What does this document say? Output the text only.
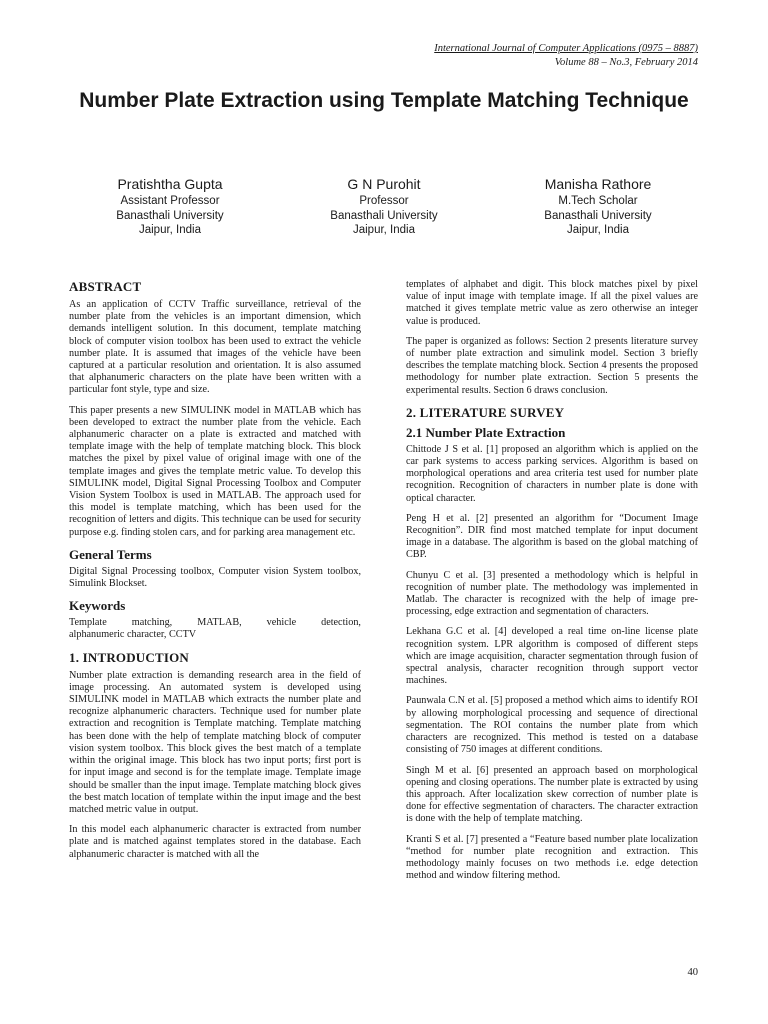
International Journal of Computer Applications (0975 – 8887)
Volume 88 – No.3, February 2014
Number Plate Extraction using Template Matching Technique
Pratishtha Gupta
Assistant Professor
Banasthali University
Jaipur, India
G N Purohit
Professor
Banasthali University
Jaipur, India
Manisha Rathore
M.Tech Scholar
Banasthali University
Jaipur, India
ABSTRACT

As an application of CCTV Traffic surveillance, retrieval of the number plate from the vehicles is an important dimension, which demands intelligent solution. In this document, template matching block of computer vision toolbox has been used to extract the vehicle number plate. It is assumed that images of the vehicle have been captured at a particular resolution and orientation. It is also assumed that alphanumeric characters on the plate have been written with a particular font style, type and size.

This paper presents a new SIMULINK model in MATLAB which has been developed to extract the number plate from the vehicle. Each alphanumeric character on a plate is extracted and matched with template image with the help of template matching block. This block matches the pixel by pixel value of original image with one of the template images and gives the template metric value. To develop this SIMULINK model, Digital Signal Processing Toolbox and Computer Vision System Toolbox is used in MATLAB. The approach used for this model is template matching, which has been used for the recognition of letters and digits. This technique can be used for security purpose e.g. finding stolen cars, and for parking area management etc.

General Terms

Digital Signal Processing toolbox, Computer vision System toolbox, Simulink Blockset.

Keywords
Template matching, MATLAB, vehicle detection,

alphanumeric character, CCTV

1. INTRODUCTION

Number plate extraction is demanding research area in the field of image processing. An automated system is developed using SIMULINK model in MATLAB which extracts the number plate and recognize alphanumeric characters. Technique used for number plate extraction and recognition is Template matching. Template matching has been done with the help of template matching block of computer vision system toolbox. This block gives the best match of a template within the original image. This block has two input ports; first port is for input image and second is for the template image. Template image should be smaller than the input image. Template matching block gives the best match location of template within the input image and the best matched metric value in output.

In this model each alphanumeric character is extracted from number plate and is matched against templates stored in the database. Each alphanumeric character is matched with all the

templates of alphabet and digit. This block matches pixel by pixel value of input image with template image. If all the pixel values are matched it gives template metric value as zero otherwise an integer value is produced.

The paper is organized as follows: Section 2 presents literature survey of number plate extraction and simulink model. Section 3 briefly describes the template matching block. Section 4 presents the proposed methodology for number plate extraction. Section 5 presents the experimental results. Section 6 draws conclusion.

2. LITERATURE SURVEY
2.1 Number Plate Extraction

Chittode J S et al. [1] proposed an algorithm which is applied on the car park systems to access parking services. Algorithm is based on morphological operations and area criteria test used for number plate recognition. Recognition of characters in number plate is done with optical character.

Peng H et al. [2] presented an algorithm for “Document Image Recognition”. DIR find most matched template for input document image in a database. The algorithm is based on the global matching of CBP.

Chunyu C et al. [3] presented a methodology which is helpful in recognition of number plate. The methodology was implemented in Matlab. The character is recognized with the help of image pre-processing, edge extraction and segmentation of characters.

Lekhana G.C et al. [4] developed a real time on-line license plate recognition system. LPR algorithm is composed of different steps which are image acquisition, character segmentation through fusion of spectral analysis, character recognition through support vector machines.

Paunwala C.N et al. [5] proposed a method which aims to identify ROI by allowing morphological processing and sequence of directional segmentation. The ROI contains the number plate from which characters are recognized. This method is tested on a database consisting of 750 images at different conditions.

Singh M et al. [6] presented an approach based on morphological opening and closing operations. The number plate is extracted by using this approach. After localization skew correction of number plate is done for effective segmentation of characters. The character extraction is done with the help of template matching.

Kranti S et al. [7] presented a “Feature based number plate localization “method for number plate recognition and extraction. This methodology mainly focuses on two methods i.e. edge detection method and window filtering method.

40
